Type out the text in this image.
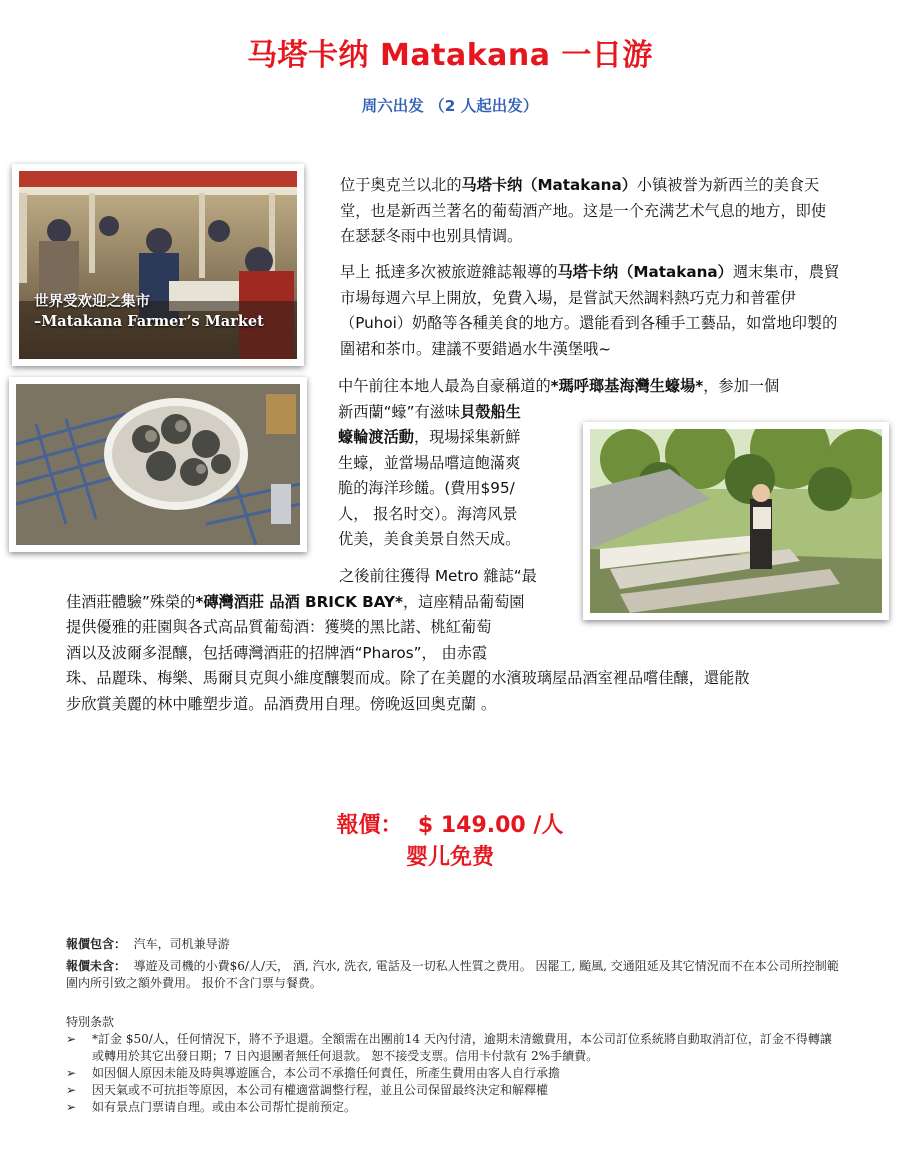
马塔卡纳 Matakana 一日游
周六出发 （2 人起出发）
世界受欢迎之集市
–Matakana Farmer’s Market
位于奥克兰以北的马塔卡纳（Matakana）小镇被誉为新西兰的美食天堂，也是新西兰著名的葡萄酒产地。这是一个充满艺术气息的地方，即使在瑟瑟冬雨中也别具情调。
早上 抵達多次被旅遊雜誌報導的马塔卡纳（Matakana）週末集市，農貿市場每週六早上開放，免費入場，是嘗試天然調料熱巧克力和普霍伊（Puhoi）奶酪等各種美食的地方。還能看到各種手工藝品，如當地印製的圍裙和茶巾。建議不要錯過水牛漢堡哦~
中午前往本地人最為自豪稱道的*瑪呼瑯基海灣生蠔場*，参加一個
新西蘭“蠔”有滋味貝殼船生
蠔輪渡活動，現場採集新鮮
生蠔，並當場品嚐這飽滿爽
脆的海洋珍饈。(費用$95/
人， 报名时交）。海湾风景
优美，美食美景自然天成。
之後前往獲得 Metro 雜誌“最
佳酒莊體驗”殊榮的*磚灣酒莊 品酒 BRICK BAY*，這座精品葡萄園
提供優雅的莊園與各式高品質葡萄酒：獲獎的黑比諾、桃紅葡萄
酒以及波爾多混釀，包括磚灣酒莊的招牌酒“Pharos”， 由赤霞
珠、品麗珠、梅樂、馬爾貝克與小維度釀製而成。除了在美麗的水濱玻璃屋品酒室裡品嚐佳釀，還能散
步欣賞美麗的林中雕塑步道。品酒费用自理。傍晚返回奥克蘭 。
報價：  $ 149.00 /人
婴儿免费
報價包含：  汽车，司机兼导游
報價未含：  導遊及司機的小費$6/人/天， 酒, 汽水, 洗衣, 電話及一切私人性質之费用。 因罷工, 颱風, 交通阻延及其它情況而不在本公司所控制範圍内所引致之額外費用。 报价不含门票与餐费。
特別条款
➢ *訂金 $50/人，任何情況下，將不予退還。全額需在出團前14 天內付清，逾期未清繳費用，本公司訂位系統將自動取消訂位，訂金不得轉讓或轉用於其它出發日期；7 日內退團者無任何退款。 恕不接受支票。信用卡付款有 2%手續費。
➢ 如因個人原因未能及時與導遊匯合，本公司不承擔任何責任，所產生費用由客人自行承擔
➢ 因天氣或不可抗拒等原因，本公司有權適當調整行程，並且公司保留最终決定和解釋權
➢ 如有景点门票请自理。或由本公司帮忙提前预定。
